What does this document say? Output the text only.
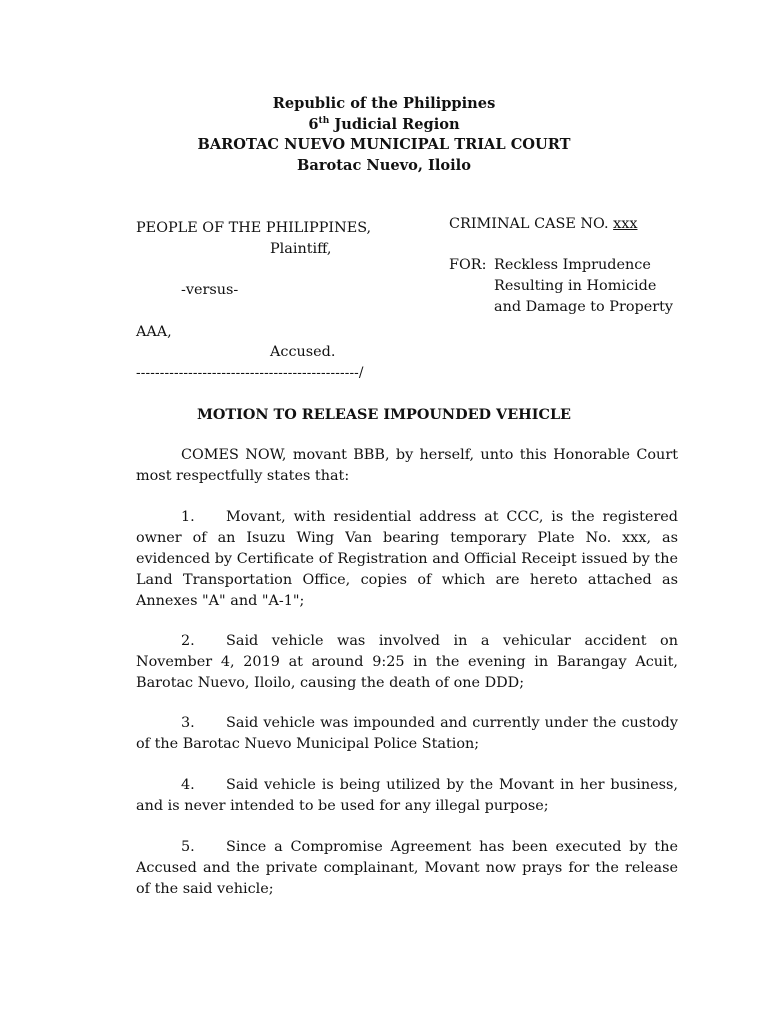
Republic of the Philippines
6th Judicial Region
BAROTAC NUEVO MUNICIPAL TRIAL COURT
Barotac Nuevo, Iloilo
PEOPLE OF THE PHILIPPINES,
Plaintiff,
-versus-
AAA,
Accused.
-----------------------------------------------/
CRIMINAL CASE NO. xxx
FOR: Reckless Imprudence
Resulting in Homicide
and Damage to Property
MOTION TO RELEASE IMPOUNDED VEHICLE
COMES NOW, movant BBB, by herself, unto this Honorable Court most respectfully states that:
1. Movant, with residential address at CCC, is the registered owner of an Isuzu Wing Van bearing temporary Plate No. xxx, as evidenced by Certificate of Registration and Official Receipt issued by the Land Transportation Office, copies of which are hereto attached as Annexes "A" and "A-1";
2. Said vehicle was involved in a vehicular accident on November 4, 2019 at around 9:25 in the evening in Barangay Acuit, Barotac Nuevo, Iloilo, causing the death of one DDD;
3. Said vehicle was impounded and currently under the custody of the Barotac Nuevo Municipal Police Station;
4. Said vehicle is being utilized by the Movant in her business, and is never intended to be used for any illegal purpose;
5. Since a Compromise Agreement has been executed by the Accused and the private complainant, Movant now prays for the release of the said vehicle;
